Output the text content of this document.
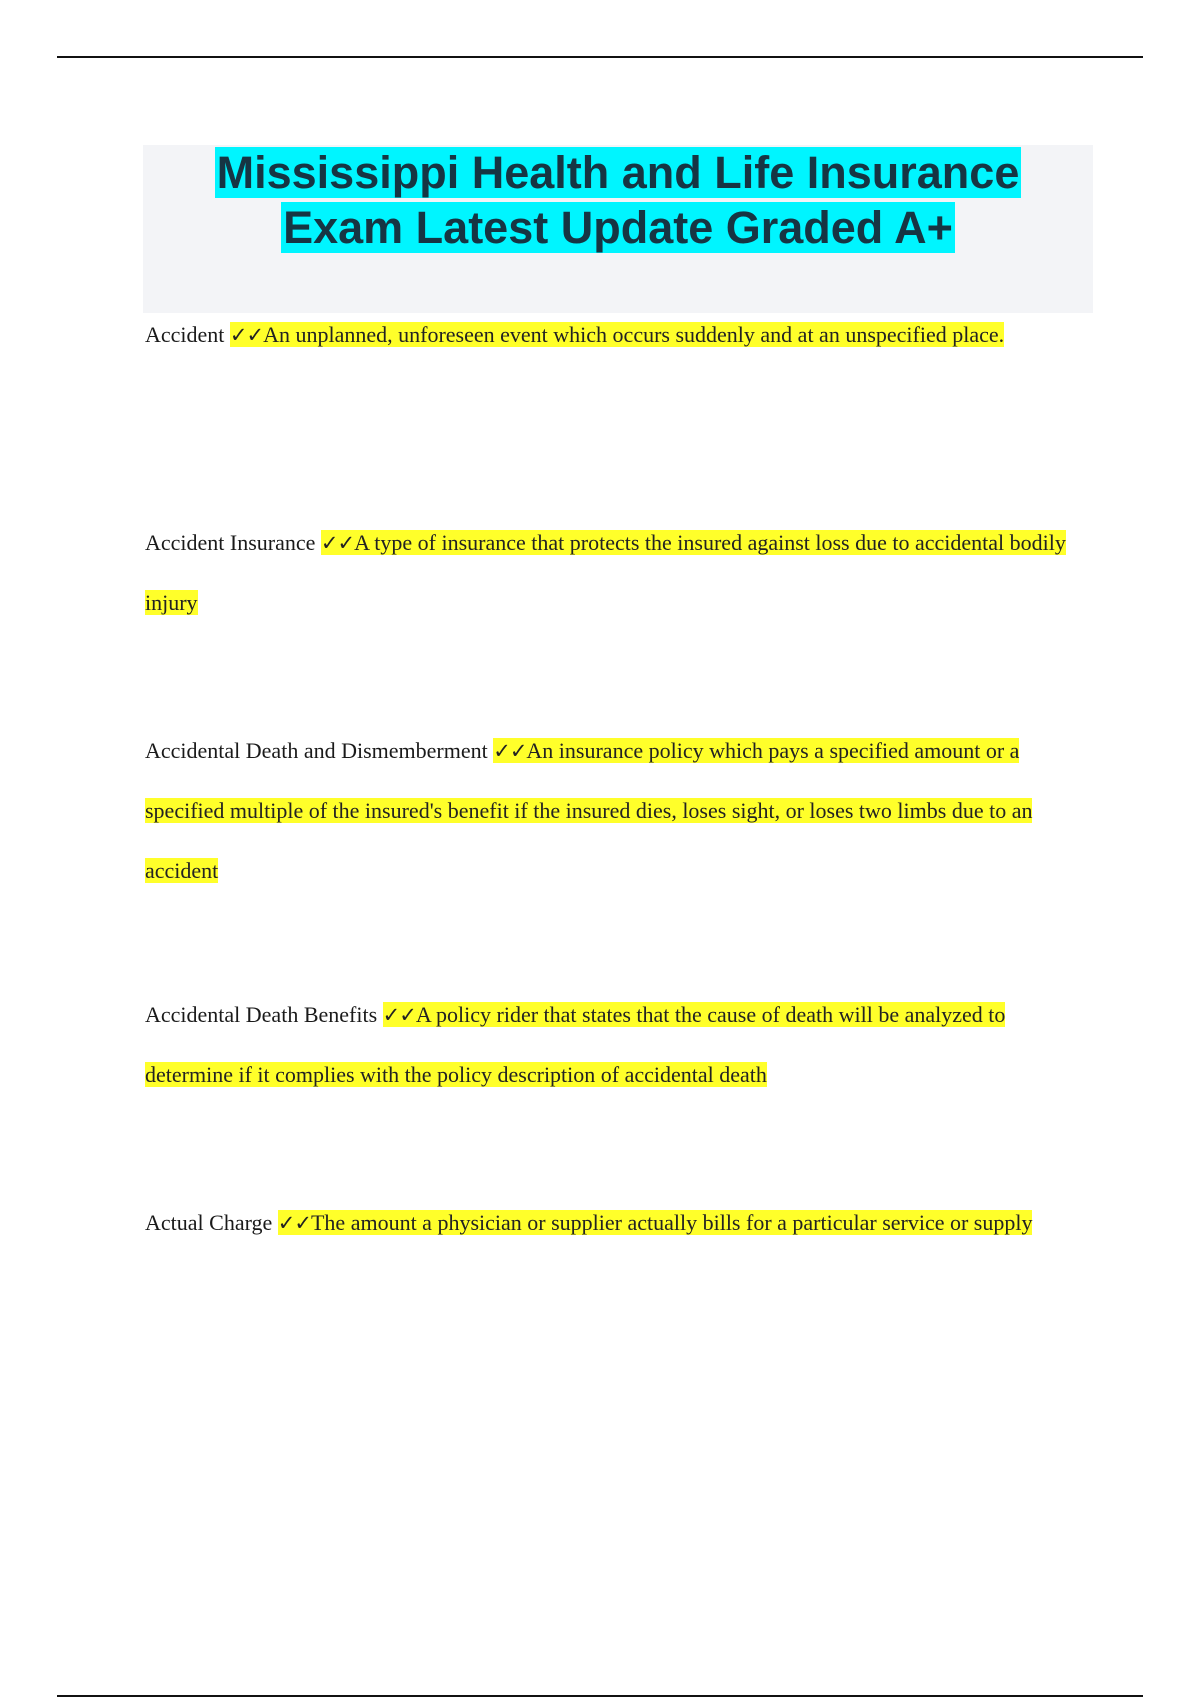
Mississippi Health and Life Insurance
Exam Latest Update Graded A+

Accident ✓✓An unplanned, unforeseen event which occurs suddenly and at an unspecified place.

Accident Insurance ✓✓A type of insurance that protects the insured against loss due to accidental bodily injury

Accidental Death and Dismemberment ✓✓An insurance policy which pays a specified amount or a specified multiple of the insured's benefit if the insured dies, loses sight, or loses two limbs due to an accident

Accidental Death Benefits ✓✓A policy rider that states that the cause of death will be analyzed to determine if it complies with the policy description of accidental death

Actual Charge ✓✓The amount a physician or supplier actually bills for a particular service or supply
